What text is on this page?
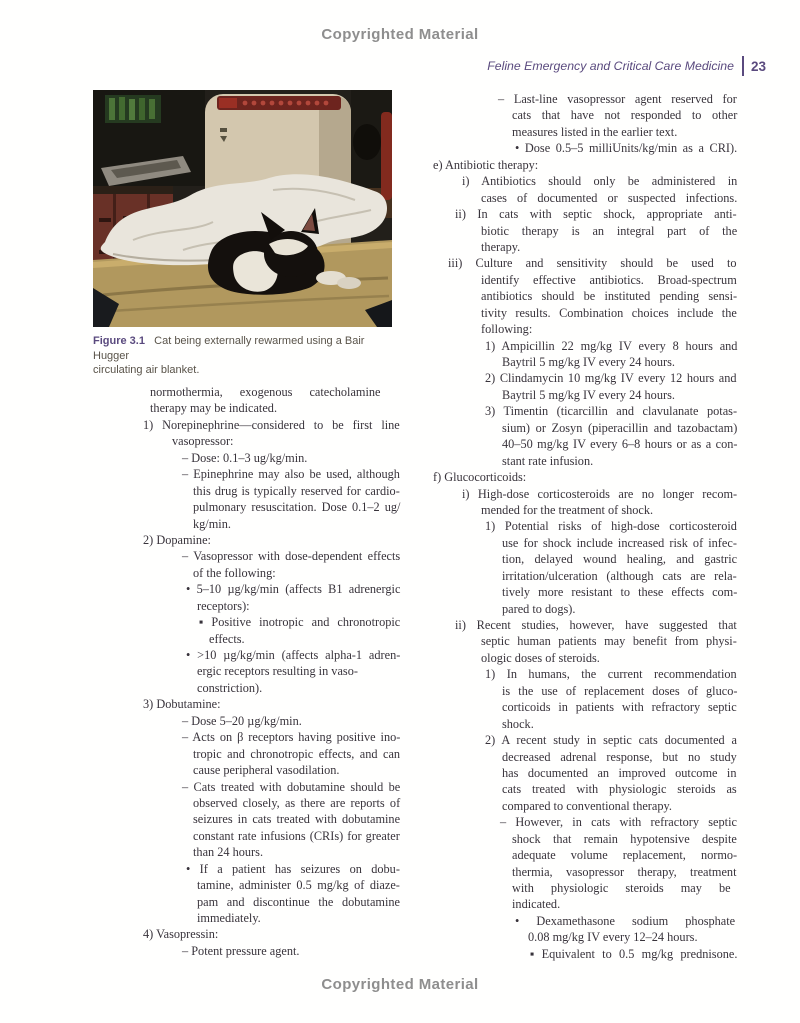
Copyrighted Material
Feline Emergency and Critical Care Medicine 23
Figure 3.1 Cat being externally rewarmed using a Bair Hugger
circulating air blanket.
normothermia, exogenous catecholamine
therapy may be indicated.
1) Norepinephrine—considered to be first line
vasopressor:
– Dose: 0.1–3 ug/kg/min.
– Epinephrine may also be used, although
this drug is typically reserved for cardio-
pulmonary resuscitation. Dose 0.1–2 ug/
kg/min.
2) Dopamine:
– Vasopressor with dose-dependent effects
of the following:
• 5–10 µg/kg/min (affects B1 adrenergic
receptors):
▪ Positive inotropic and chronotropic
effects.
• >10 µg/kg/min (affects alpha-1 adren-
ergic receptors resulting in vaso-
constriction).
3) Dobutamine:
– Dose 5–20 µg/kg/min.
– Acts on β receptors having positive ino-
tropic and chronotropic effects, and can
cause peripheral vasodilation.
– Cats treated with dobutamine should be
observed closely, as there are reports of
seizures in cats treated with dobutamine
constant rate infusions (CRIs) for greater
than 24 hours.
• If a patient has seizures on dobu-
tamine, administer 0.5 mg/kg of diaze-
pam and discontinue the dobutamine
immediately.
4) Vasopressin:
– Potent pressure agent.
– Last-line vasopressor agent reserved for
cats that have not responded to other
measures listed in the earlier text.
• Dose 0.5–5 milliUnits/kg/min as a CRI).
e) Antibiotic therapy:
i) Antibiotics should only be administered in
cases of documented or suspected infections.
ii) In cats with septic shock, appropriate anti-
biotic therapy is an integral part of the
therapy.
iii) Culture and sensitivity should be used to
identify effective antibiotics. Broad-spectrum
antibiotics should be instituted pending sensi-
tivity results. Combination choices include the
following:
1) Ampicillin 22 mg/kg IV every 8 hours and
Baytril 5 mg/kg IV every 24 hours.
2) Clindamycin 10 mg/kg IV every 12 hours and
Baytril 5 mg/kg IV every 24 hours.
3) Timentin (ticarcillin and clavulanate potas-
sium) or Zosyn (piperacillin and tazobactam)
40–50 mg/kg IV every 6–8 hours or as a con-
stant rate infusion.
f) Glucocorticoids:
i) High-dose corticosteroids are no longer recom-
mended for the treatment of shock.
1) Potential risks of high-dose corticosteroid
use for shock include increased risk of infec-
tion, delayed wound healing, and gastric
irritation/ulceration (although cats are rela-
tively more resistant to these effects com-
pared to dogs).
ii) Recent studies, however, have suggested that
septic human patients may benefit from physi-
ologic doses of steroids.
1) In humans, the current recommendation
is the use of replacement doses of gluco-
corticoids in patients with refractory septic
shock.
2) A recent study in septic cats documented a
decreased adrenal response, but no study
has documented an improved outcome in
cats treated with physiologic steroids as
compared to conventional therapy.
– However, in cats with refractory septic
shock that remain hypotensive despite
adequate volume replacement, normo-
thermia, vasopressor therapy, treatment
with physiologic steroids may be
indicated.
• Dexamethasone sodium phosphate
0.08 mg/kg IV every 12–24 hours.
▪ Equivalent to 0.5 mg/kg prednisone.
Copyrighted Material
